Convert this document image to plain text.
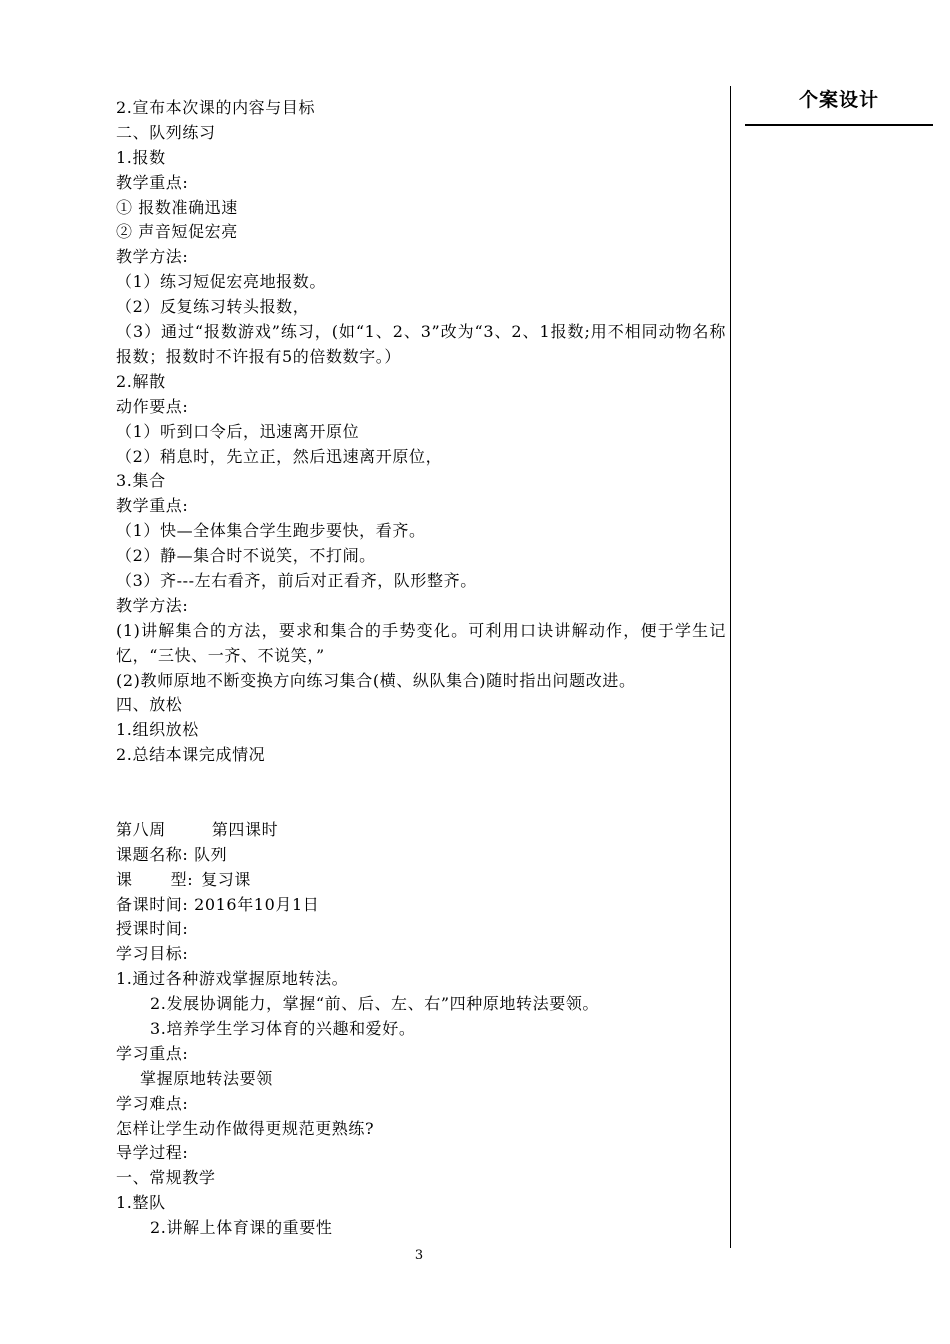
2.宣布本次课的内容与目标
二、队列练习
1.报数
教学重点:
① 报数准确迅速
② 声音短促宏亮
教学方法:
（1）练习短促宏亮地报数。
（2）反复练习转头报数，
（3）通过“报数游戏”练习，(如“1、2、3”改为“3、2、1报数;用不相同动物名称报数；报数时不许报有5的倍数数字。）
2.解散
动作要点:
（1）听到口令后，迅速离开原位
（2）稍息时，先立正，然后迅速离开原位，
3.集合
教学重点:
（1）快—全体集合学生跑步要快，看齐。
（2）静—集合时不说笑，不打闹。
（3）齐---左右看齐，前后对正看齐，队形整齐。
教学方法:
(1)讲解集合的方法，要求和集合的手势变化。可利用口诀讲解动作，便于学生记忆，“三快、一齐、不说笑，”
(2)教师原地不断变换方向练习集合(横、纵队集合)随时指出问题改进。
四、放松
1.组织放松
2.总结本课完成情况
第八周	第四课时
课题名称: 队列
课 型: 复习课
备课时间: 2016年10月1日
授课时间:
学习目标:
1.通过各种游戏掌握原地转法。
2.发展协调能力，掌握“前、后、左、右”四种原地转法要领。
3.培养学生学习体育的兴趣和爱好。
学习重点:
掌握原地转法要领
学习难点:
怎样让学生动作做得更规范更熟练?
导学过程:
一、常规教学
1.整队
2.讲解上体育课的重要性
个案设计
3
